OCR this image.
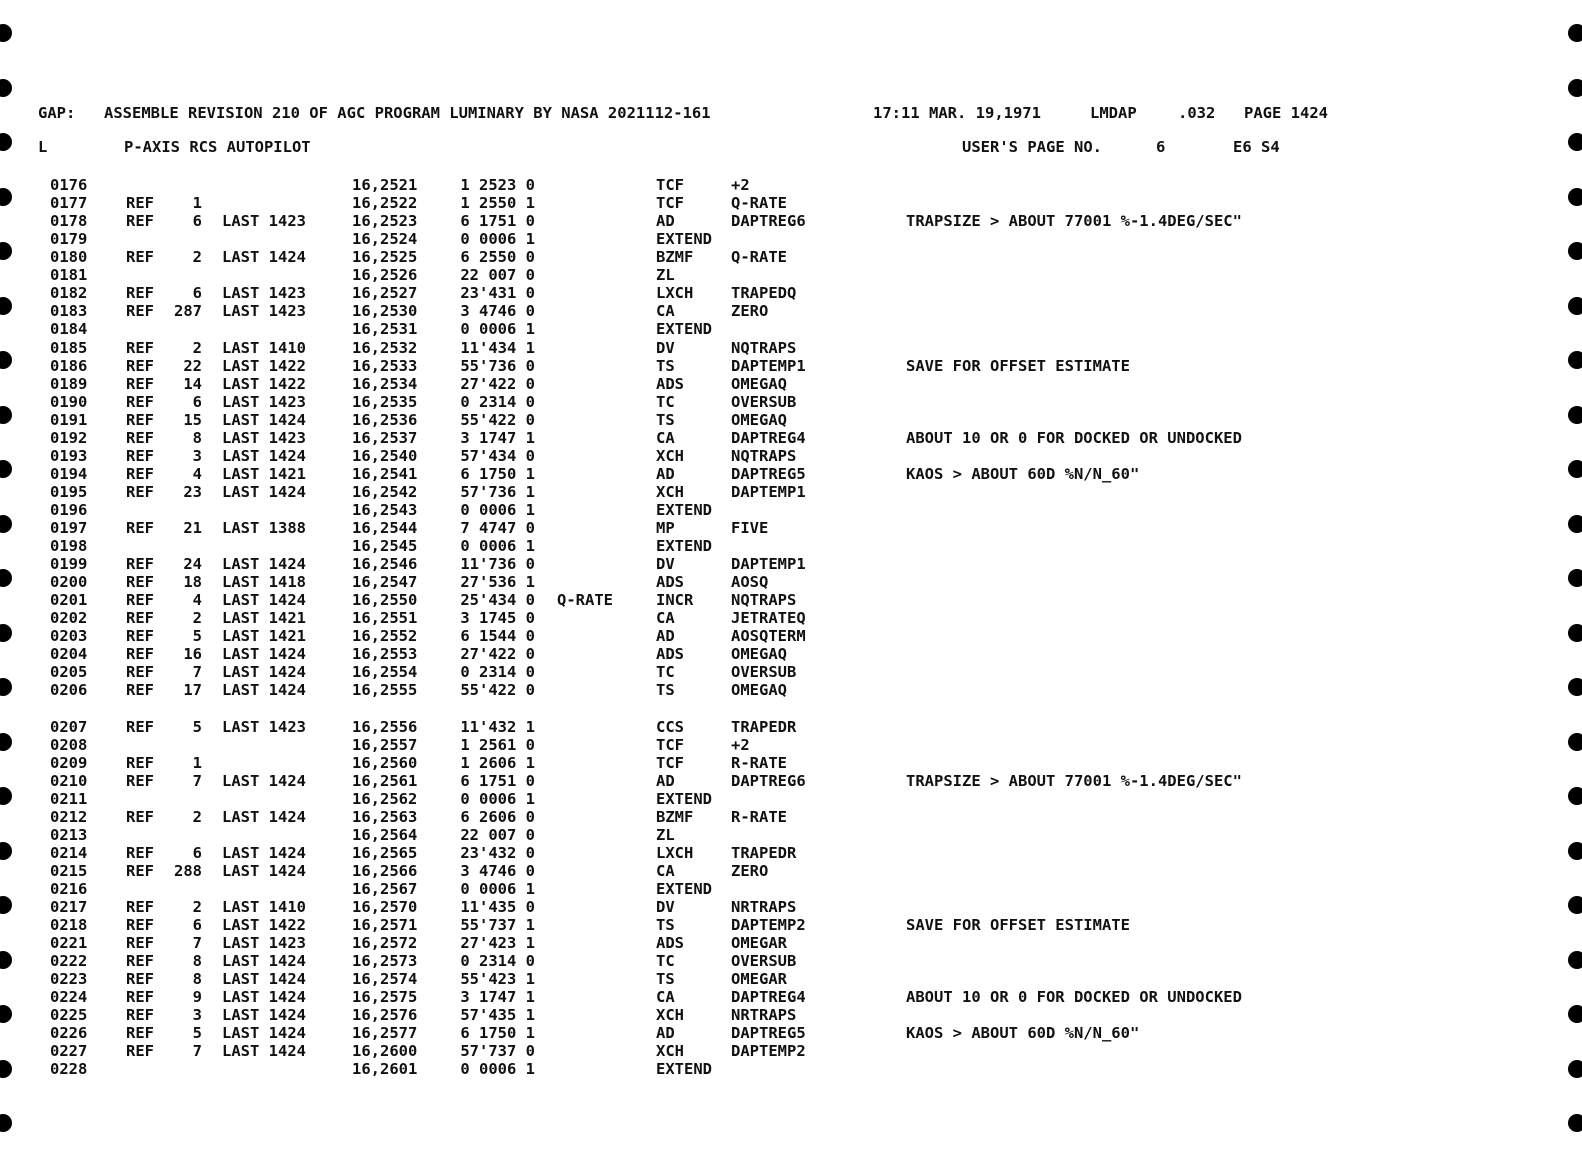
GAP:

ASSEMBLE REVISION 210 OF AGC PROGRAM LUMINARY BY NASA 2021112-161

	17:11 MAR. 19,1971

	LMDAP

	.032

PAGE 1424

L

	P-AXIS RCS AUTOPILOT

	USER'S PAGE NO.

	6

	E6 S4

0176	16,2521	1 2523 0	TCF	+2
0177 REF 1	16,2522	1 2550 1	TCF	Q-RATE
0178 REF 6 LAST 1423	16,2523	6 1751 0	AD	DAPTREG6	TRAPSIZE > ABOUT 77001 %-1.4DEG/SEC"
0179	16,2524	0 0006 1	EXTEND
0180 REF 2 LAST 1424	16,2525	6 2550 0	BZMF Q-RATE
0181	16,2526	22 007 0	ZL
0182 REF 6 LAST 1423	16,2527	23'431 0	LXCH TRAPEDQ
0183 REF 287 LAST 1423	16,2530	3 4746 0	CA	ZERO
0184	16,2531	0 0006 1	EXTEND
0185 REF 2 LAST 1410	16,2532	11'434 1	DV	NQTRAPS
0186 REF 22 LAST 1422	16,2533	55'736 0	TS	DAPTEMP1	SAVE FOR OFFSET ESTIMATE
0189 REF 14 LAST 1422	16,2534	27'422 0	ADS	OMEGAQ
0190 REF 6 LAST 1423	16,2535	0 2314 0	TC	OVERSUB
0191 REF 15 LAST 1424	16,2536	55'422 0	TS	OMEGAQ
0192 REF 8 LAST 1423	16,2537	3 1747 1	CA	DAPTREG4	ABOUT 10 OR 0 FOR DOCKED OR UNDOCKED
0193 REF 3 LAST 1424	16,2540	57'434 0	XCH	NQTRAPS
0194 REF 4 LAST 1421	16,2541	6 1750 1	AD	DAPTREG5	KAOS > ABOUT 60D %N/N_60"
0195 REF 23 LAST 1424	16,2542	57'736 1	XCH	DAPTEMP1
0196	16,2543	0 0006 1	EXTEND
0197 REF 21 LAST 1388	16,2544	7 4747 0	MP	FIVE
0198	16,2545	0 0006 1	EXTEND
0199 REF 24 LAST 1424	16,2546	11'736 0	DV	DAPTEMP1
0200 REF 18 LAST 1418	16,2547	27'536 1	ADS	AOSQ
0201 REF 4 LAST 1424	16,2550	25'434 0 Q-RATE	INCR NQTRAPS
0202 REF 2 LAST 1421	16,2551	3 1745 0	CA	JETRATEQ
0203 REF 5 LAST 1421	16,2552	6 1544 0	AD	AOSQTERM
0204 REF 16 LAST 1424	16,2553	27'422 0	ADS	OMEGAQ
0205 REF 7 LAST 1424	16,2554	0 2314 0	TC	OVERSUB
0206 REF 17 LAST 1424	16,2555	55'422 0	TS	OMEGAQ
0207 REF 5 LAST 1423	16,2556	11'432 1	CCS	TRAPEDR
0208	16,2557	1 2561 0	TCF	+2
0209 REF 1	16,2560	1 2606 1	TCF	R-RATE
0210 REF 7 LAST 1424	16,2561	6 1751 0	AD	DAPTREG6	TRAPSIZE > ABOUT 77001 %-1.4DEG/SEC"
0211	16,2562	0 0006 1	EXTEND
0212 REF 2 LAST 1424	16,2563	6 2606 0	BZMF R-RATE
0213	16,2564	22 007 0	ZL
0214 REF 6 LAST 1424	16,2565	23'432 0	LXCH TRAPEDR
0215 REF 288 LAST 1424	16,2566	3 4746 0	CA	ZERO
0216	16,2567	0 0006 1	EXTEND
0217 REF 2 LAST 1410	16,2570	11'435 0	DV	NRTRAPS
0218 REF 6 LAST 1422	16,2571	55'737 1	TS	DAPTEMP2	SAVE FOR OFFSET ESTIMATE
0221 REF 7 LAST 1423	16,2572	27'423 1	ADS	OMEGAR
0222 REF 8 LAST 1424	16,2573	0 2314 0	TC	OVERSUB
0223 REF 8 LAST 1424	16,2574	55'423 1	TS	OMEGAR
0224 REF 9 LAST 1424	16,2575	3 1747 1	CA	DAPTREG4	ABOUT 10 OR 0 FOR DOCKED OR UNDOCKED
0225 REF 3 LAST 1424	16,2576	57'435 1	XCH	NRTRAPS
0226 REF 5 LAST 1424	16,2577	6 1750 1	AD	DAPTREG5	KAOS > ABOUT 60D %N/N_60"
0227 REF 7 LAST 1424	16,2600	57'737 0	XCH	DAPTEMP2
0228	16,2601	0 0006 1	EXTEND
